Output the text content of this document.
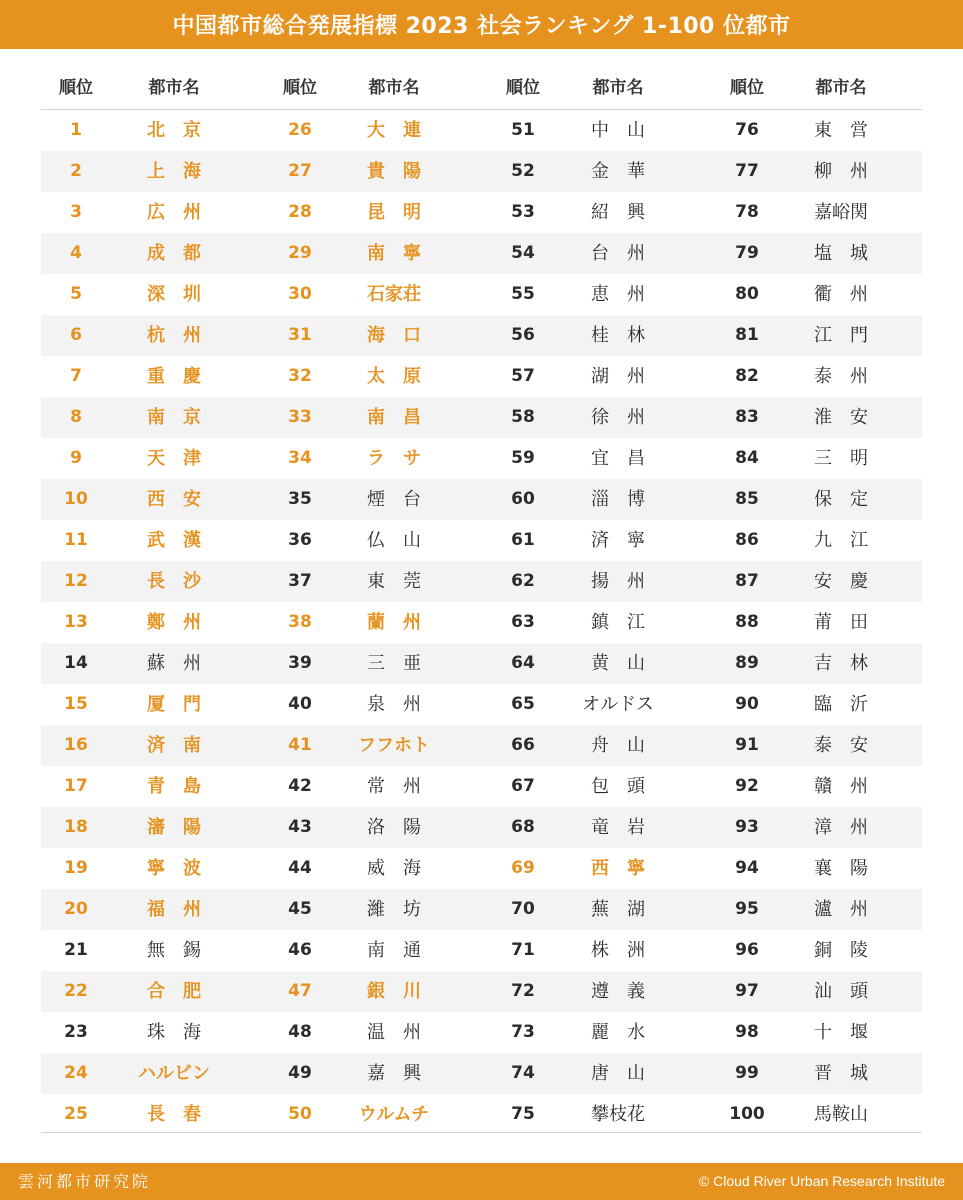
中国都市総合発展指標 2023 社会ランキング 1-100 位都市
順位	都市名	順位	都市名	順位	都市名	順位	都市名
1	北　京	26	大　連	51	中　山	76	東　営
2	上　海	27	貴　陽	52	金　華	77	柳　州
3	広　州	28	昆　明	53	紹　興	78	嘉峪関
4	成　都	29	南　寧	54	台　州	79	塩　城
5	深　圳	30	石家荘	55	恵　州	80	衢　州
6	杭　州	31	海　口	56	桂　林	81	江　門
7	重　慶	32	太　原	57	湖　州	82	泰　州
8	南　京	33	南　昌	58	徐　州	83	淮　安
9	天　津	34	ラ　サ	59	宜　昌	84	三　明
10	西　安	35	煙　台	60	淄　博	85	保　定
11	武　漢	36	仏　山	61	済　寧	86	九　江
12	長　沙	37	東　莞	62	揚　州	87	安　慶
13	鄭　州	38	蘭　州	63	鎮　江	88	莆　田
14	蘇　州	39	三　亜	64	黄　山	89	吉　林
15	厦　門	40	泉　州	65	オルドス	90	臨　沂
16	済　南	41	フフホト	66	舟　山	91	泰　安
17	青　島	42	常　州	67	包　頭	92	贛　州
18	瀋　陽	43	洛　陽	68	竜　岩	93	漳　州
19	寧　波	44	威　海	69	西　寧	94	襄　陽
20	福　州	45	濰　坊	70	蕪　湖	95	瀘　州
21	無　錫	46	南　通	71	株　洲	96	銅　陵
22	合　肥	47	銀　川	72	遵　義	97	汕　頭
23	珠　海	48	温　州	73	麗　水	98	十　堰
24	ハルビン	49	嘉　興	74	唐　山	99	晋　城
25	長　春	50	ウルムチ	75	攀枝花	100	馬鞍山
雲河都市研究院	© Cloud River Urban Research Institute
